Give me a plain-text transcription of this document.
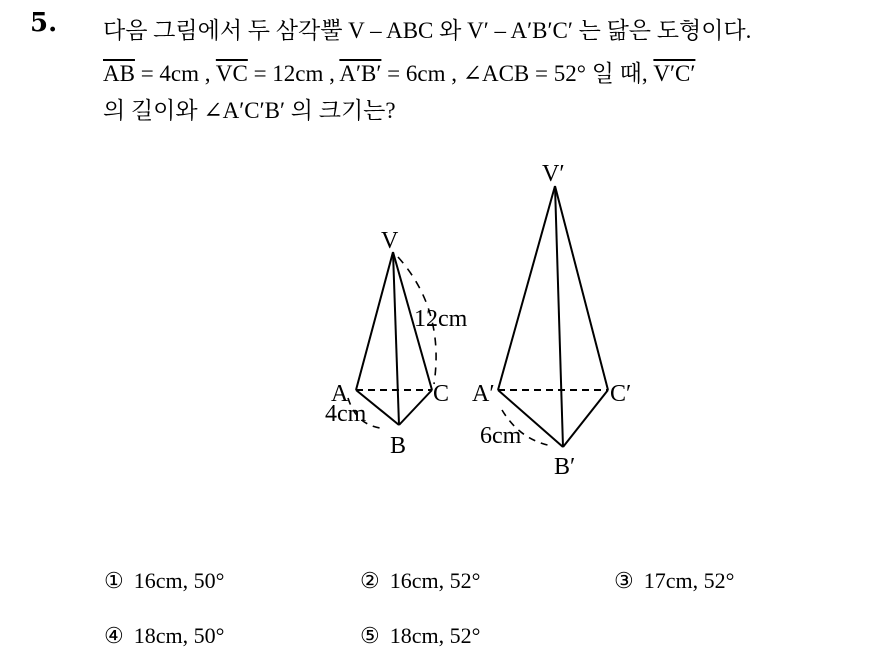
5. 다음 그림에서 두 삼각뿔 V – ABC 와 V′ – A′B′C′ 는 닮은 도형이다.
$\overline{AB} = 4cm$ , $\overline{VC} = 12cm$ , A′B′ = 6cm , ∠ACB = 52° 일 때, V′C′
의 길이와 ∠A′C′B′ 의 크기는?
V
A	C
B
12cm
4cm
V′
A′	C′
B′
6cm
① 16cm, 50°	② 16cm, 52°	③ 17cm, 52°
④ 18cm, 50°	⑤ 18cm, 52°
